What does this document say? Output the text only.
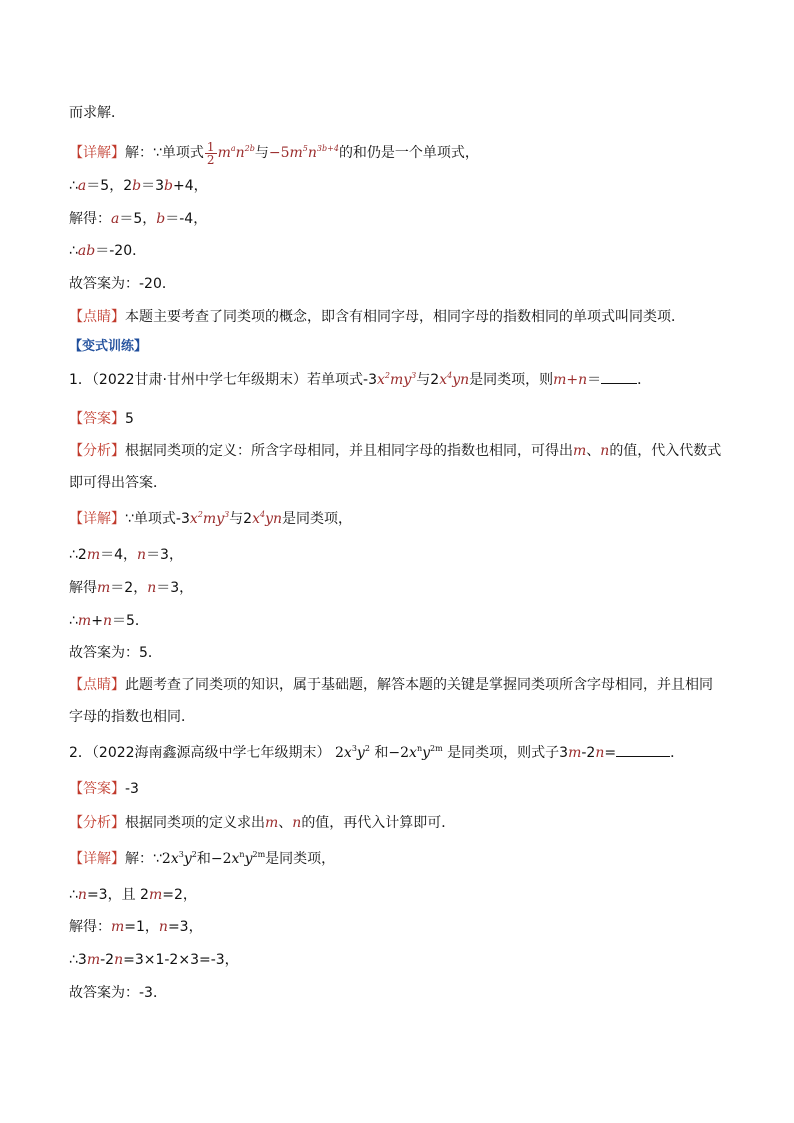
而求解．
【详解】解：∵单项式 $\frac{1}{2} m^an^{2b}$与$-5m^5n^{3b+4}$的和仍是一个单项式，
∴a＝5，2b＝3b+4，
解得：a＝5，b＝-4，
∴ab＝-20．
故答案为：-20．
【点睛】本题主要考查了同类项的概念，即含有相同字母，相同字母的指数相同的单项式叫同类项．
【变式训练】
1．（2022甘肃·甘州中学七年级期末）若单项式$-3x^2my^3$与$2x^4yn$是同类项，则m+n＝	．
【答案】5
【分析】根据同类项的定义：所含字母相同，并且相同字母的指数也相同，可得出m、n的值，代入代数式
即可得出答案．
【详解】∵单项式$-3x^2my^3$与$2x^4yn$是同类项，
∴2m＝4，n＝3，
解得m＝2，n＝3，
∴m+n＝5．
故答案为：5．
【点睛】此题考查了同类项的知识，属于基础题，解答本题的关键是掌握同类项所含字母相同，并且相同
字母的指数也相同．
2．（2022海南鑫源高级中学七年级期末） $2x^3y^2$ 和$-2x^ny^{2m}$ 是同类项，则式子3m-2n=	．
【答案】-3
【分析】根据同类项的定义求出m、n的值，再代入计算即可．
【详解】解：$\because 2x^3y^2$和$-2x^ny^{2m}$是同类项，
∴n=3，且 2m=2，
解得：m=1，n=3，
∴3m-2n=3×1-2×3=-3，
故答案为：-3．
